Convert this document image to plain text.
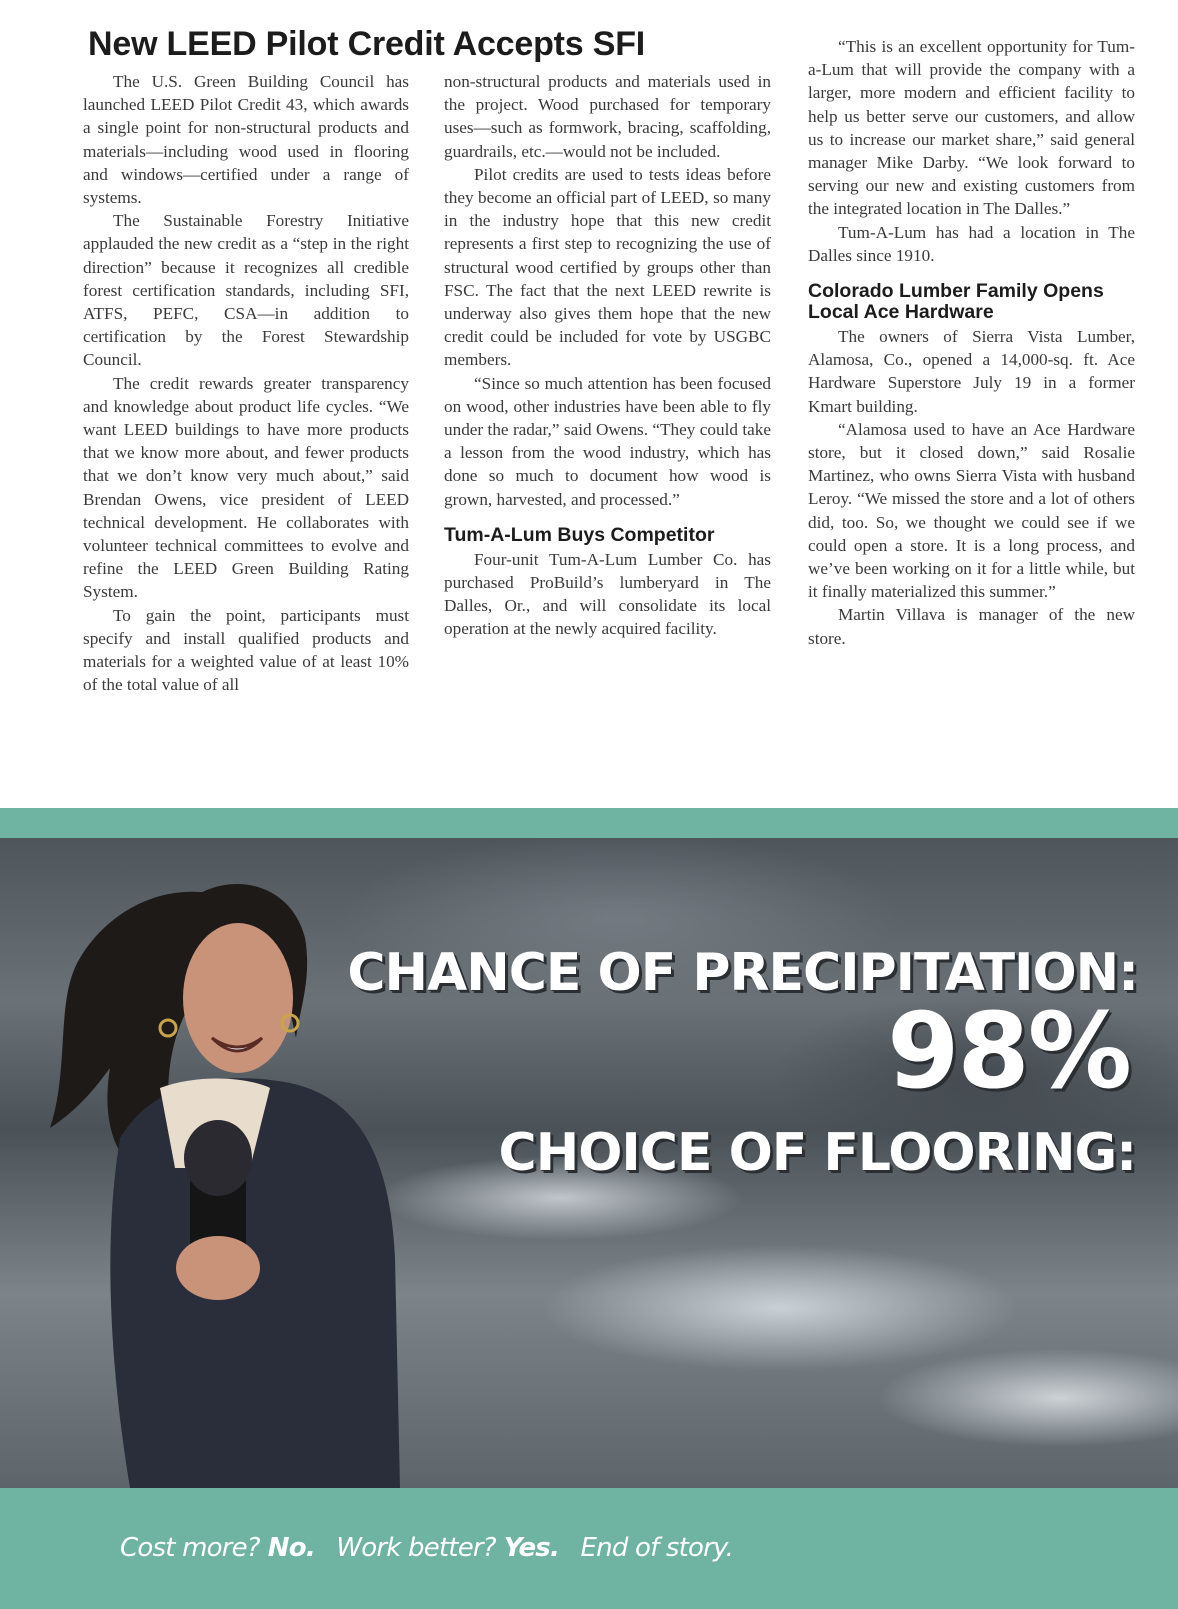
New LEED Pilot Credit Accepts SFI

The U.S. Green Building Council has launched LEED Pilot Credit 43, which awards a single point for non-structural products and materials—including wood used in flooring and windows—certified under a range of systems.

The Sustainable Forestry Initiative applauded the new credit as a “step in the right direction” because it recognizes all credible forest certification standards, including SFI, ATFS, PEFC, CSA—in addition to certification by the Forest Stewardship Council.

The credit rewards greater transparency and knowledge about product life cycles. “We want LEED buildings to have more products that we know more about, and fewer products that we don’t know very much about,” said Brendan Owens, vice president of LEED technical development. He collaborates with volunteer technical committees to evolve and refine the LEED Green Building Rating System.

To gain the point, participants must specify and install qualified products and materials for a weighted value of at least 10% of the total value of all

non-structural products and materials used in the project. Wood purchased for temporary uses—such as formwork, bracing, scaffolding, guardrails, etc.—would not be included.

Pilot credits are used to tests ideas before they become an official part of LEED, so many in the industry hope that this new credit represents a first step to recognizing the use of structural wood certified by groups other than FSC. The fact that the next LEED rewrite is underway also gives them hope that the new credit could be included for vote by USGBC members.

“Since so much attention has been focused on wood, other industries have been able to fly under the radar,” said Owens. “They could take a lesson from the wood industry, which has done so much to document how wood is grown, harvested, and processed.”

Tum-A-Lum Buys Competitor

Four-unit Tum-A-Lum Lumber Co. has purchased ProBuild’s lumberyard in The Dalles, Or., and will consolidate its local operation at the newly acquired facility.

“This is an excellent opportunity for Tum-a-Lum that will provide the company with a larger, more modern and efficient facility to help us better serve our customers, and allow us to increase our market share,” said general manager Mike Darby. “We look forward to serving our new and existing customers from the integrated location in The Dalles.”

Tum-A-Lum has had a location in The Dalles since 1910.

Colorado Lumber Family Opens Local Ace Hardware

The owners of Sierra Vista Lumber, Alamosa, Co., opened a 14,000-sq. ft. Ace Hardware Superstore July 19 in a former Kmart building.

“Alamosa used to have an Ace Hardware store, but it closed down,” said Rosalie Martinez, who owns Sierra Vista with husband Leroy. “We missed the store and a lot of others did, too. So, we thought we could see if we could open a store. It is a long process, and we’ve been working on it for a little while, but it finally materialized this summer.”

Martin Villava is manager of the new store.

CHANCE OF PRECIPITATION:

98%

CHOICE OF FLOORING:

Cost more? No. Work better? Yes. End of story.
